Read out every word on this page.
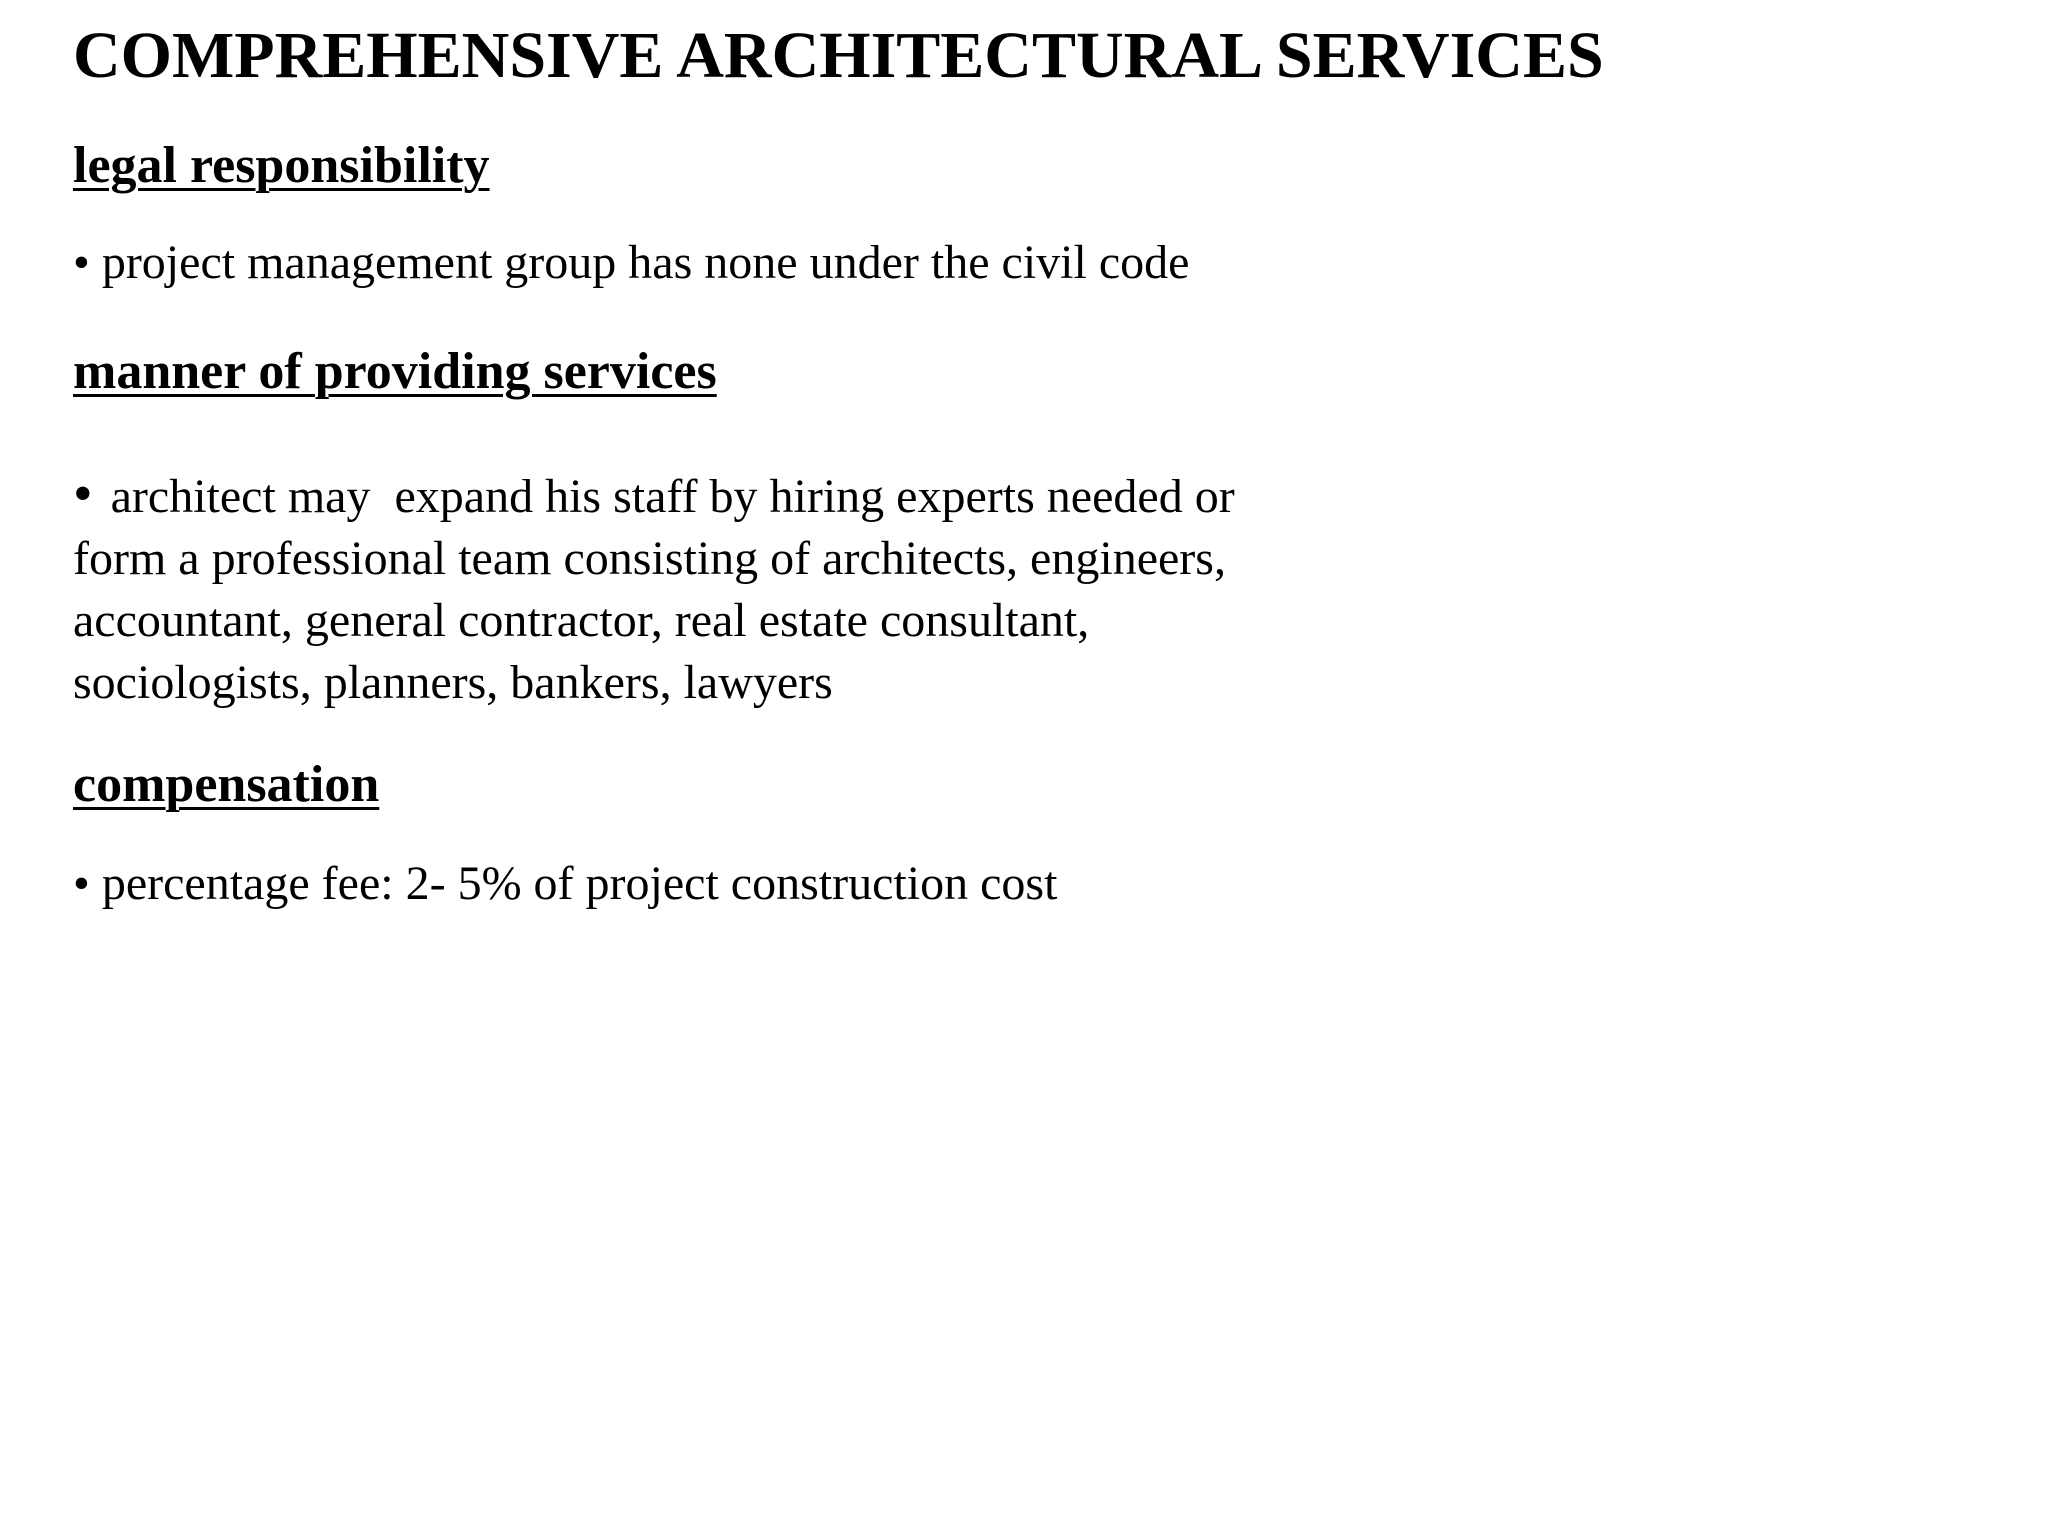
COMPREHENSIVE ARCHITECTURAL SERVICES
legal responsibility

• project management group has none under the civil code

manner of providing services

• architect may  expand his staff by hiring experts needed or
form a professional team consisting of architects, engineers,
accountant, general contractor, real estate consultant,
sociologists, planners, bankers, lawyers

compensation

• percentage fee: 2- 5% of project construction cost
